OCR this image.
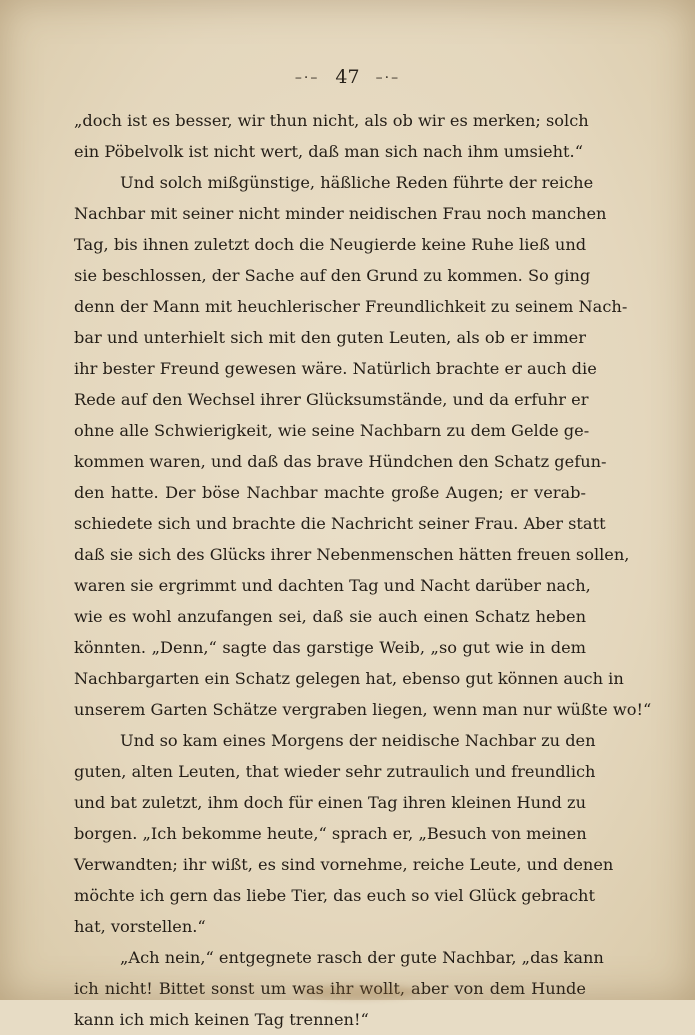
–·– 47 –·–
„doch ist es besser, wir thun nicht, als ob wir es merken; solch
ein Pöbelvolk ist nicht wert, daß man sich nach ihm umsieht.“
Und solch mißgünstige, häßliche Reden führte der reiche
Nachbar mit seiner nicht minder neidischen Frau noch manchen
Tag, bis ihnen zuletzt doch die Neugierde keine Ruhe ließ und
sie beschlossen, der Sache auf den Grund zu kommen. So ging
denn der Mann mit heuchlerischer Freundlichkeit zu seinem Nach-
bar und unterhielt sich mit den guten Leuten, als ob er immer
ihr bester Freund gewesen wäre. Natürlich brachte er auch die
Rede auf den Wechsel ihrer Glücksumstände, und da erfuhr er
ohne alle Schwierigkeit, wie seine Nachbarn zu dem Gelde ge-
kommen waren, und daß das brave Hündchen den Schatz gefun-
den hatte. Der böse Nachbar machte große Augen; er verab-
schiedete sich und brachte die Nachricht seiner Frau. Aber statt
daß sie sich des Glücks ihrer Nebenmenschen hätten freuen sollen,
waren sie ergrimmt und dachten Tag und Nacht darüber nach,
wie es wohl anzufangen sei, daß sie auch einen Schatz heben
könnten. „Denn,“ sagte das garstige Weib, „so gut wie in dem
Nachbargarten ein Schatz gelegen hat, ebenso gut können auch in
unserem Garten Schätze vergraben liegen, wenn man nur wüßte wo!“
Und so kam eines Morgens der neidische Nachbar zu den
guten, alten Leuten, that wieder sehr zutraulich und freundlich
und bat zuletzt, ihm doch für einen Tag ihren kleinen Hund zu
borgen. „Ich bekomme heute,“ sprach er, „Besuch von meinen
Verwandten; ihr wißt, es sind vornehme, reiche Leute, und denen
möchte ich gern das liebe Tier, das euch so viel Glück gebracht
hat, vorstellen.“
„Ach nein,“ entgegnete rasch der gute Nachbar, „das kann
ich nicht! Bittet sonst um was ihr wollt, aber von dem Hunde
kann ich mich keinen Tag trennen!“
